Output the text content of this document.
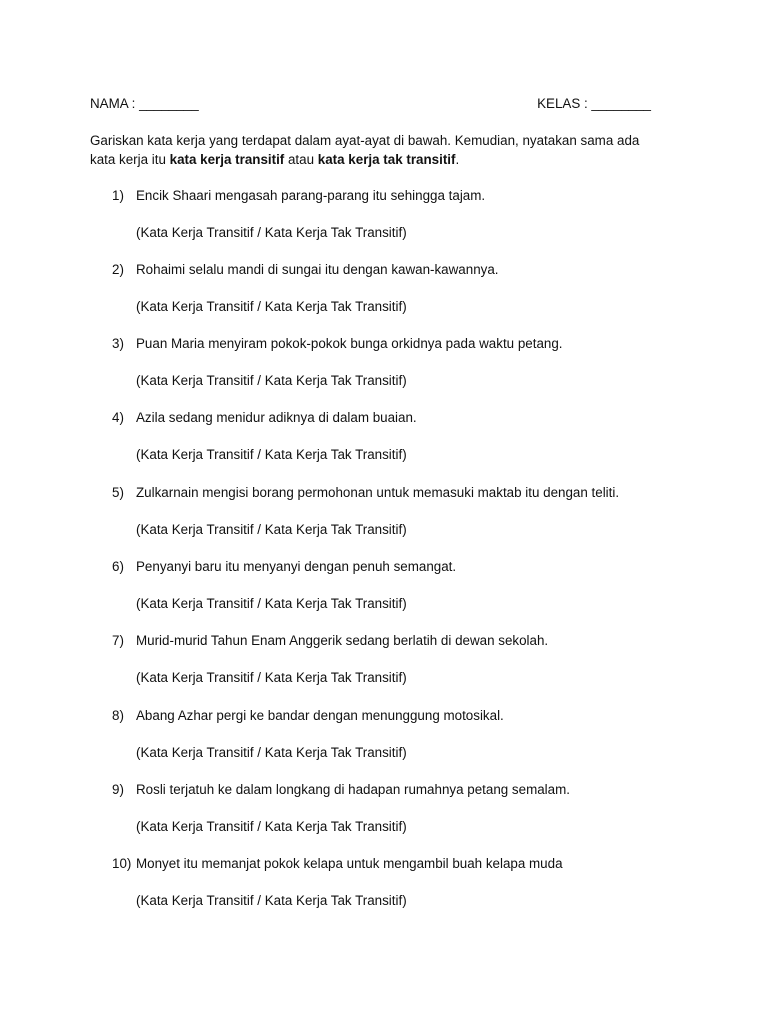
NAMA : ________	KELAS : ________
Gariskan kata kerja yang terdapat dalam ayat-ayat di bawah. Kemudian, nyatakan sama ada kata kerja itu kata kerja transitif atau kata kerja tak transitif.
1) Encik Shaari mengasah parang-parang itu sehingga tajam.
(Kata Kerja Transitif / Kata Kerja Tak Transitif)
2) Rohaimi selalu mandi di sungai itu dengan kawan-kawannya.
(Kata Kerja Transitif / Kata Kerja Tak Transitif)
3) Puan Maria menyiram pokok-pokok bunga orkidnya pada waktu petang.
(Kata Kerja Transitif / Kata Kerja Tak Transitif)
4) Azila sedang menidur adiknya di dalam buaian.
(Kata Kerja Transitif / Kata Kerja Tak Transitif)
5) Zulkarnain mengisi borang permohonan untuk memasuki maktab itu dengan teliti.
(Kata Kerja Transitif / Kata Kerja Tak Transitif)
6) Penyanyi baru itu menyanyi dengan penuh semangat.
(Kata Kerja Transitif / Kata Kerja Tak Transitif)
7) Murid-murid Tahun Enam Anggerik sedang berlatih di dewan sekolah.
(Kata Kerja Transitif / Kata Kerja Tak Transitif)
8) Abang Azhar pergi ke bandar dengan menunggung motosikal.
(Kata Kerja Transitif / Kata Kerja Tak Transitif)
9) Rosli terjatuh ke dalam longkang di hadapan rumahnya petang semalam.
(Kata Kerja Transitif / Kata Kerja Tak Transitif)
10) Monyet itu memanjat pokok kelapa untuk mengambil buah kelapa muda
(Kata Kerja Transitif / Kata Kerja Tak Transitif)
